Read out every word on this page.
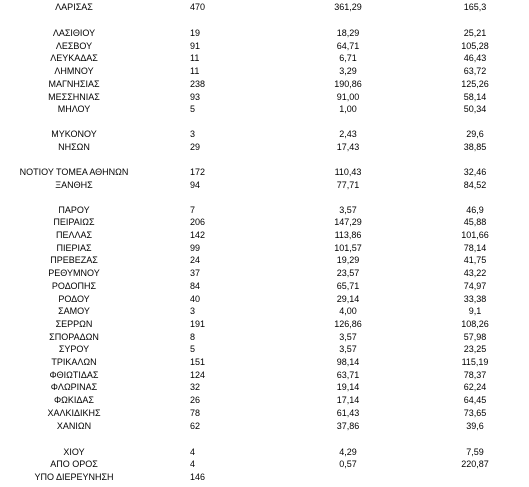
ΛΑΡΙΣΑΣ	470	361,29	165,3
ΛΑΣΙΘΙΟΥ	19	18,29	25,21
ΛΕΣΒΟΥ	91	64,71	105,28
ΛΕΥΚΑΔΑΣ	11	6,71	46,43
ΛΗΜΝΟΥ	11	3,29	63,72
ΜΑΓΝΗΣΙΑΣ	238	190,86	125,26
ΜΕΣΣΗΝΙΑΣ	93	91,00	58,14
ΜΗΛΟΥ	5	1,00	50,34
ΜΥΚΟΝΟΥ	3	2,43	29,6
ΝΗΣΩΝ	29	17,43	38,85
ΝΟΤΙΟΥ ΤΟΜΕΑ ΑΘΗΝΩΝ	172	110,43	32,46
ΞΑΝΘΗΣ	94	77,71	84,52
ΠΑΡΟΥ	7	3,57	46,9
ΠΕΙΡΑΙΩΣ	206	147,29	45,88
ΠΕΛΛΑΣ	142	113,86	101,66
ΠΙΕΡΙΑΣ	99	101,57	78,14
ΠΡΕΒΕΖΑΣ	24	19,29	41,75
ΡΕΘΥΜΝΟΥ	37	23,57	43,22
ΡΟΔΟΠΗΣ	84	65,71	74,97
ΡΟΔΟΥ	40	29,14	33,38
ΣΑΜΟΥ	3	4,00	9,1
ΣΕΡΡΩΝ	191	126,86	108,26
ΣΠΟΡΑΔΩΝ	8	3,57	57,98
ΣΥΡΟΥ	5	3,57	23,25
ΤΡΙΚΑΛΩΝ	151	98,14	115,19
ΦΘΙΩΤΙΔΑΣ	124	63,71	78,37
ΦΛΩΡΙΝΑΣ	32	19,14	62,24
ΦΩΚΙΔΑΣ	26	17,14	64,45
ΧΑΛΚΙΔΙΚΗΣ	78	61,43	73,65
ΧΑΝΙΩΝ	62	37,86	39,6
ΧΙΟΥ	4	4,29	7,59
ΑΠΟ ΟΡΟΣ	4	0,57	220,87
ΥΠΟ ΔΙΕΡΕΥΝΗΣΗ	146
